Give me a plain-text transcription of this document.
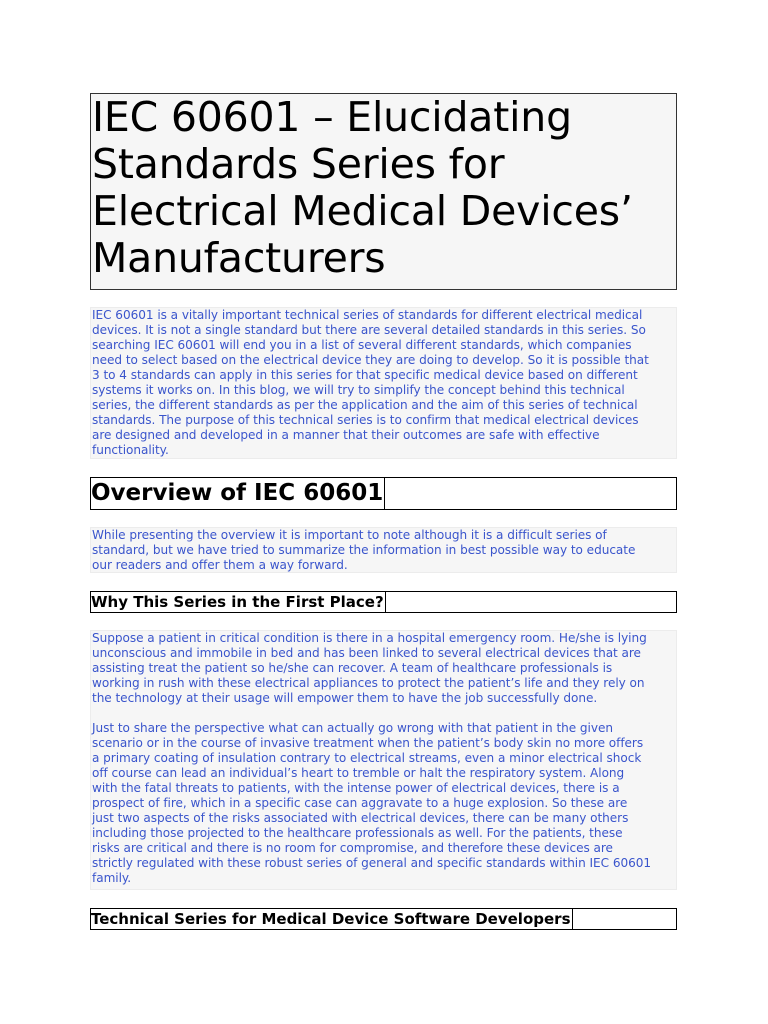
IEC 60601 – Elucidating
Standards Series for
Electrical Medical Devices’
Manufacturers

IEC 60601 is a vitally important technical series of standards for different electrical medical
devices. It is not a single standard but there are several detailed standards in this series. So
searching IEC 60601 will end you in a list of several different standards, which companies
need to select based on the electrical device they are doing to develop. So it is possible that
3 to 4 standards can apply in this series for that specific medical device based on different
systems it works on. In this blog, we will try to simplify the concept behind this technical
series, the different standards as per the application and the aim of this series of technical
standards. The purpose of this technical series is to confirm that medical electrical devices
are designed and developed in a manner that their outcomes are safe with effective
functionality.

Overview of IEC 60601

While presenting the overview it is important to note although it is a difficult series of
standard, but we have tried to summarize the information in best possible way to educate
our readers and offer them a way forward.

Why This Series in the First Place?

Suppose a patient in critical condition is there in a hospital emergency room. He/she is lying
unconscious and immobile in bed and has been linked to several electrical devices that are
assisting treat the patient so he/she can recover. A team of healthcare professionals is
working in rush with these electrical appliances to protect the patient’s life and they rely on
the technology at their usage will empower them to have the job successfully done.

Just to share the perspective what can actually go wrong with that patient in the given
scenario or in the course of invasive treatment when the patient’s body skin no more offers
a primary coating of insulation contrary to electrical streams, even a minor electrical shock
off course can lead an individual’s heart to tremble or halt the respiratory system. Along
with the fatal threats to patients, with the intense power of electrical devices, there is a
prospect of fire, which in a specific case can aggravate to a huge explosion. So these are
just two aspects of the risks associated with electrical devices, there can be many others
including those projected to the healthcare professionals as well. For the patients, these
risks are critical and there is no room for compromise, and therefore these devices are
strictly regulated with these robust series of general and specific standards within IEC 60601
family.

Technical Series for Medical Device Software Developers
